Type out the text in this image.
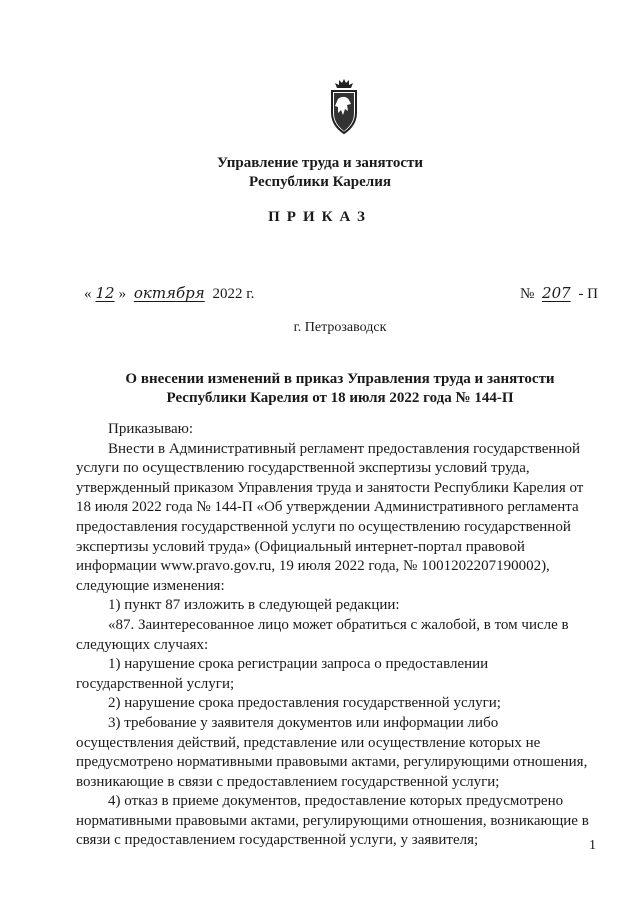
Управление труда и занятости
Республики Карелия
ПРИКАЗ
« 12 » октября 2022 г.	№ 207 - П
г. Петрозаводск
О внесении изменений в приказ Управления труда и занятости
Республики Карелия от 18 июля 2022 года № 144-П

Приказываю:

Внести в Административный регламент предоставления государственной

услуги по осуществлению государственной экспертизы условий труда,

утвержденный приказом Управления труда и занятости Республики Карелия от

18 июля 2022 года № 144-П «Об утверждении Административного регламента

предоставления государственной услуги по осуществлению государственной

экспертизы условий труда» (Официальный интернет-портал правовой

информации www.pravo.gov.ru, 19 июля 2022 года, № 1001202207190002),

следующие изменения:

1) пункт 87 изложить в следующей редакции:

«87. Заинтересованное лицо может обратиться с жалобой, в том числе в

следующих случаях:

1) нарушение срока регистрации запроса о предоставлении

государственной услуги;

2) нарушение срока предоставления государственной услуги;

3) требование у заявителя документов или информации либо

осуществления действий, представление или осуществление которых не

предусмотрено нормативными правовыми актами, регулирующими отношения,

возникающие в связи с предоставлением государственной услуги;

4) отказ в приеме документов, предоставление которых предусмотрено

нормативными правовыми актами, регулирующими отношения, возникающие в

связи с предоставлением государственной услуги, у заявителя;	1
